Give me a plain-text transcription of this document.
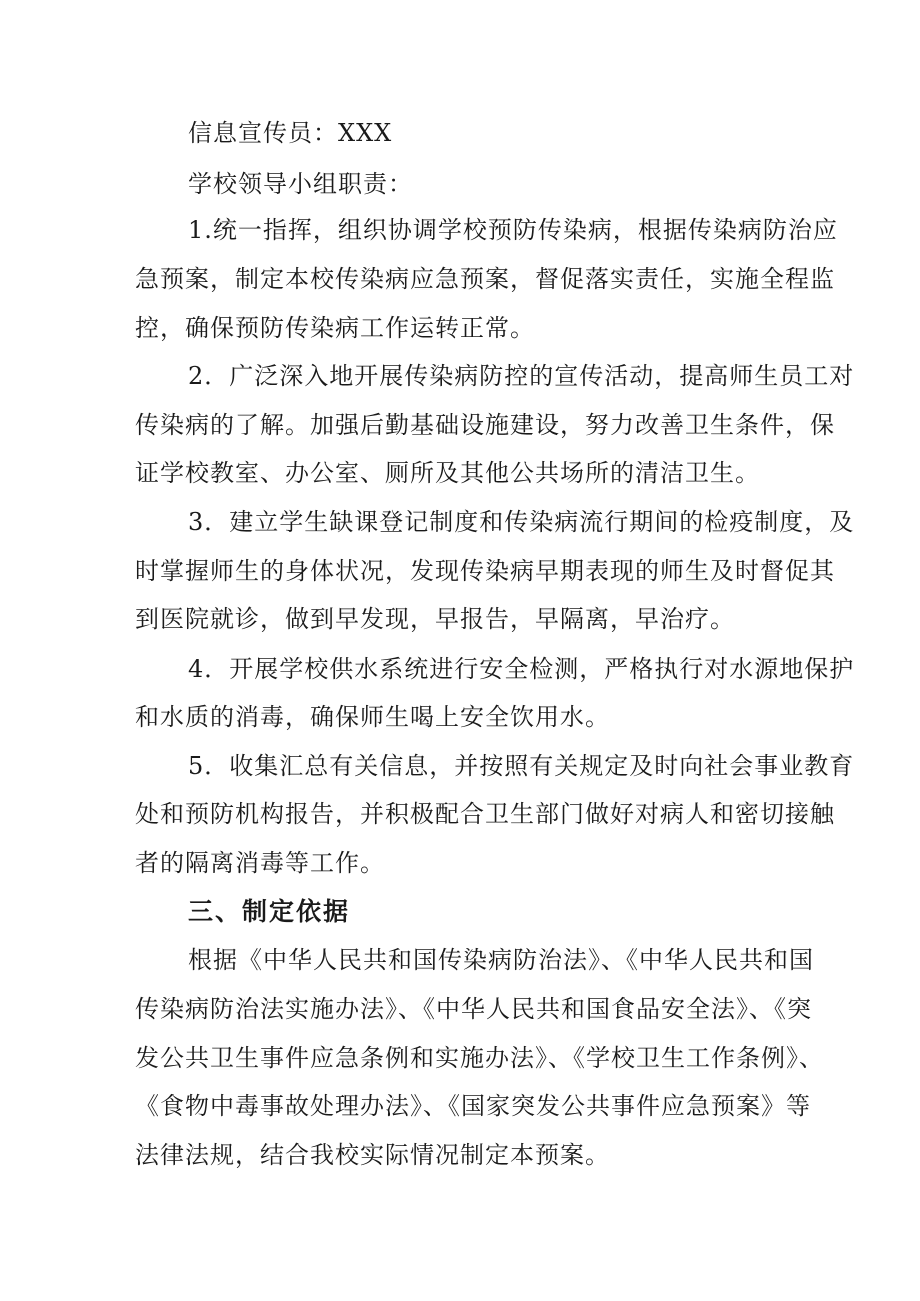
信息宣传员：XXX
学校领导小组职责：
1.统一指挥，组织协调学校预防传染病，根据传染病防治应
急预案，制定本校传染病应急预案，督促落实责任，实施全程监
控，确保预防传染病工作运转正常。
2．广泛深入地开展传染病防控的宣传活动，提高师生员工对
传染病的了解。加强后勤基础设施建设，努力改善卫生条件，保
证学校教室、办公室、厕所及其他公共场所的清洁卫生。
3．建立学生缺课登记制度和传染病流行期间的检疫制度，及
时掌握师生的身体状况，发现传染病早期表现的师生及时督促其
到医院就诊，做到早发现，早报告，早隔离，早治疗。
4．开展学校供水系统进行安全检测，严格执行对水源地保护
和水质的消毒，确保师生喝上安全饮用水。
5．收集汇总有关信息，并按照有关规定及时向社会事业教育
处和预防机构报告，并积极配合卫生部门做好对病人和密切接触
者的隔离消毒等工作。
三、制定依据
根据《中华人民共和国传染病防治法》、《中华人民共和国
传染病防治法实施办法》、《中华人民共和国食品安全法》、《突
发公共卫生事件应急条例和实施办法》、《学校卫生工作条例》、
《食物中毒事故处理办法》、《国家突发公共事件应急预案》等
法律法规，结合我校实际情况制定本预案。
